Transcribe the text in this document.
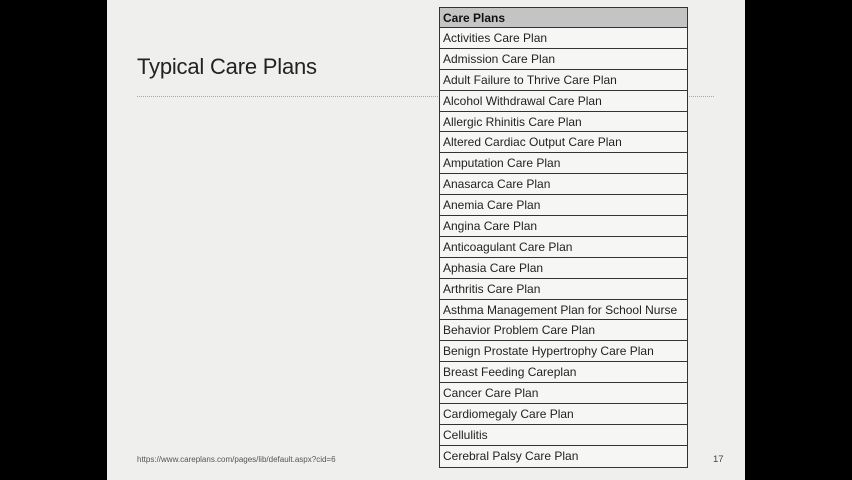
Typical Care Plans
Care Plans
Activities Care Plan
Admission Care Plan
Adult Failure to Thrive Care Plan
Alcohol Withdrawal Care Plan
Allergic Rhinitis Care Plan
Altered Cardiac Output Care Plan
Amputation Care Plan
Anasarca Care Plan
Anemia Care Plan
Angina Care Plan
Anticoagulant Care Plan
Aphasia Care Plan
Arthritis Care Plan
Asthma Management Plan for School Nurse
Behavior Problem Care Plan
Benign Prostate Hypertrophy Care Plan
Breast Feeding Careplan
Cancer Care Plan
Cardiomegaly Care Plan
Cellulitis
Cerebral Palsy Care Plan
https://www.careplans.com/pages/lib/default.aspx?cid=6	17
